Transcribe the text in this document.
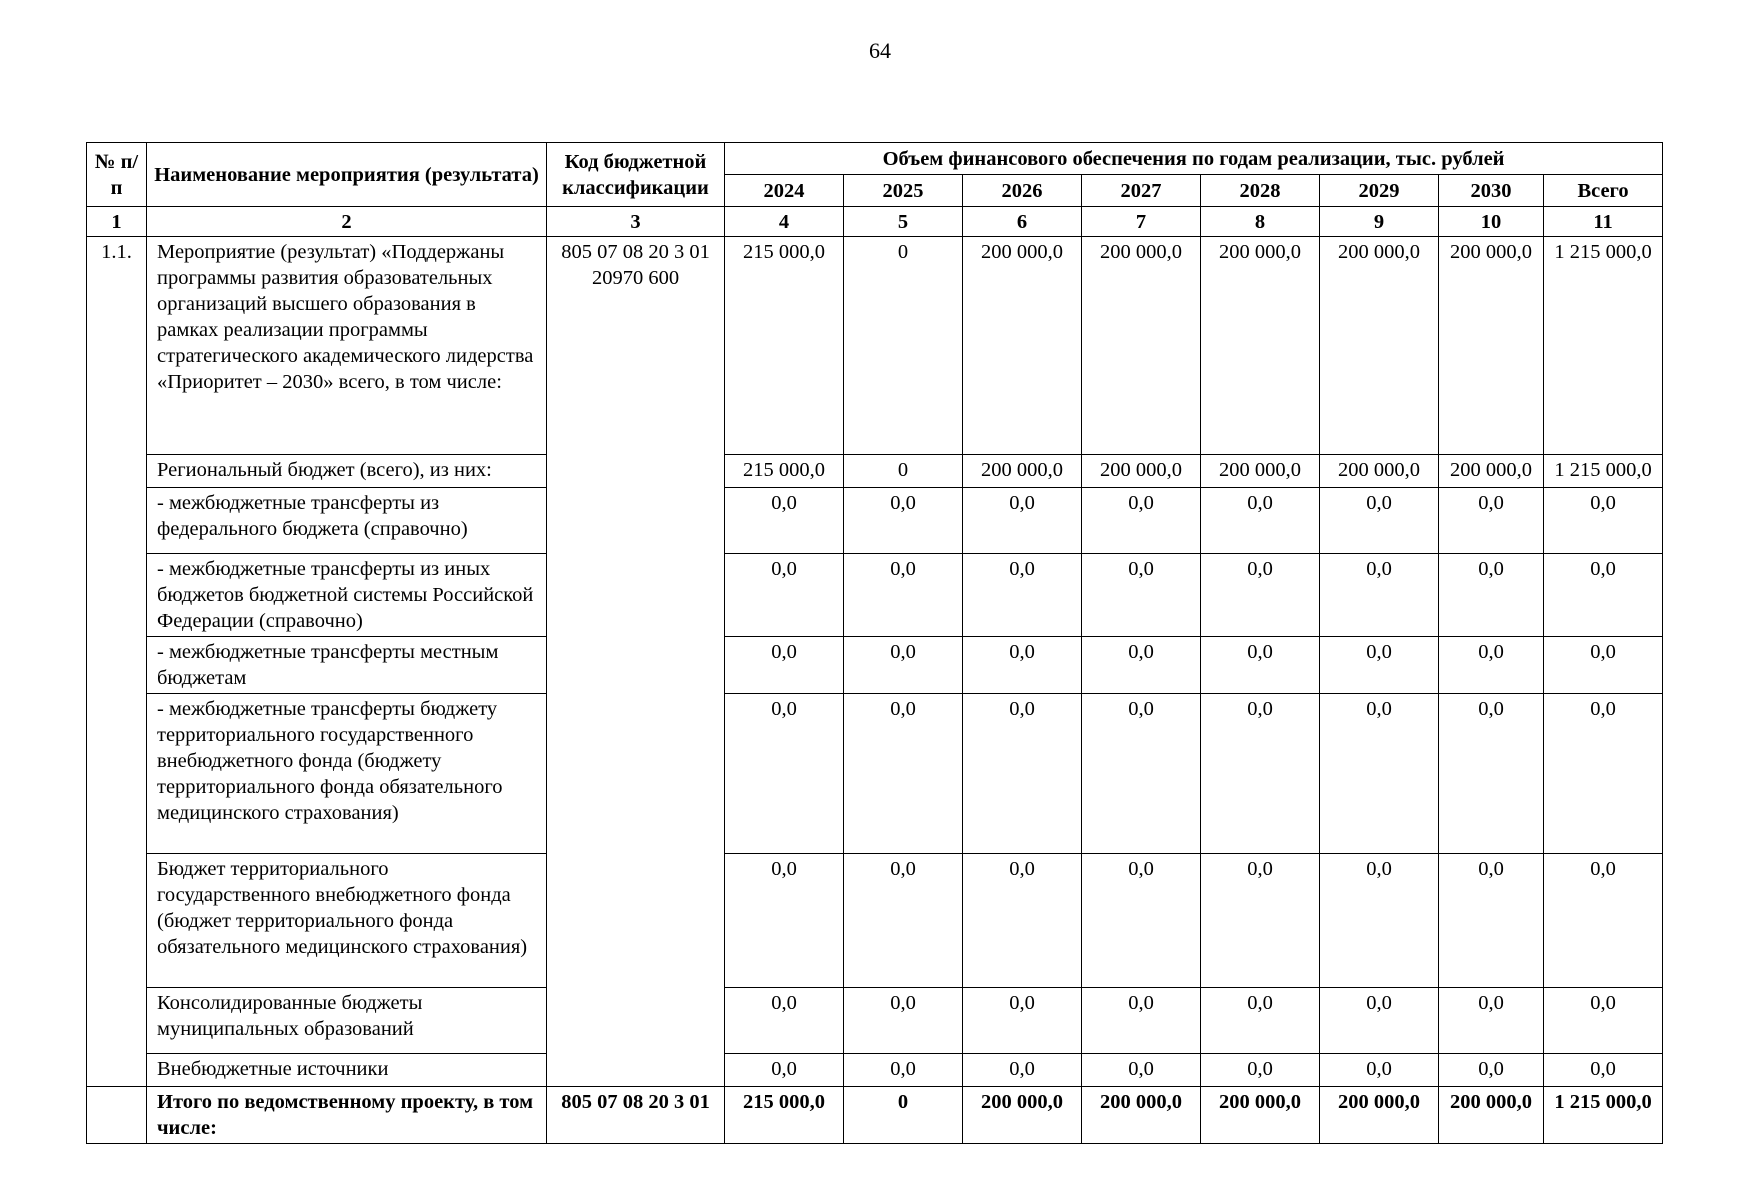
64
№ п/п	Наименование мероприятия (результата)	Код бюджетной классификации	Объем финансового обеспечения по годам реализации, тыс. рублей							
			2024	2025	2026	2027	2028	2029	2030	Всего
1	2	3	4	5	6	7	8	9	10	11
1.1.	Мероприятие (результат) «Поддержаны программы развития образовательных организаций высшего образования в рамках реализации программы стратегического академического лидерства «Приоритет – 2030» всего, в том числе:	805 07 08 20 3 01 20970 600	215 000,0	0	200 000,0	200 000,0	200 000,0	200 000,0	200 000,0	1 215 000,0
	Региональный бюджет (всего), из них:		215 000,0	0	200 000,0	200 000,0	200 000,0	200 000,0	200 000,0	1 215 000,0
	- межбюджетные трансферты из федерального бюджета (справочно)		0,0	0,0	0,0	0,0	0,0	0,0	0,0	0,0
	- межбюджетные трансферты из иных бюджетов бюджетной системы Российской Федерации (справочно)		0,0	0,0	0,0	0,0	0,0	0,0	0,0	0,0
	- межбюджетные трансферты местным бюджетам		0,0	0,0	0,0	0,0	0,0	0,0	0,0	0,0
	- межбюджетные трансферты бюджету территориального государственного внебюджетного фонда (бюджету территориального фонда обязательного медицинского страхования)		0,0	0,0	0,0	0,0	0,0	0,0	0,0	0,0
	Бюджет территориального государственного внебюджетного фонда (бюджет территориального фонда обязательного медицинского страхования)		0,0	0,0	0,0	0,0	0,0	0,0	0,0	0,0
	Консолидированные бюджеты муниципальных образований		0,0	0,0	0,0	0,0	0,0	0,0	0,0	0,0
	Внебюджетные источники		0,0	0,0	0,0	0,0	0,0	0,0	0,0	0,0
	Итого по ведомственному проекту, в том числе:	805 07 08 20 3 01	215 000,0	0	200 000,0	200 000,0	200 000,0	200 000,0	200 000,0	1 215 000,0
